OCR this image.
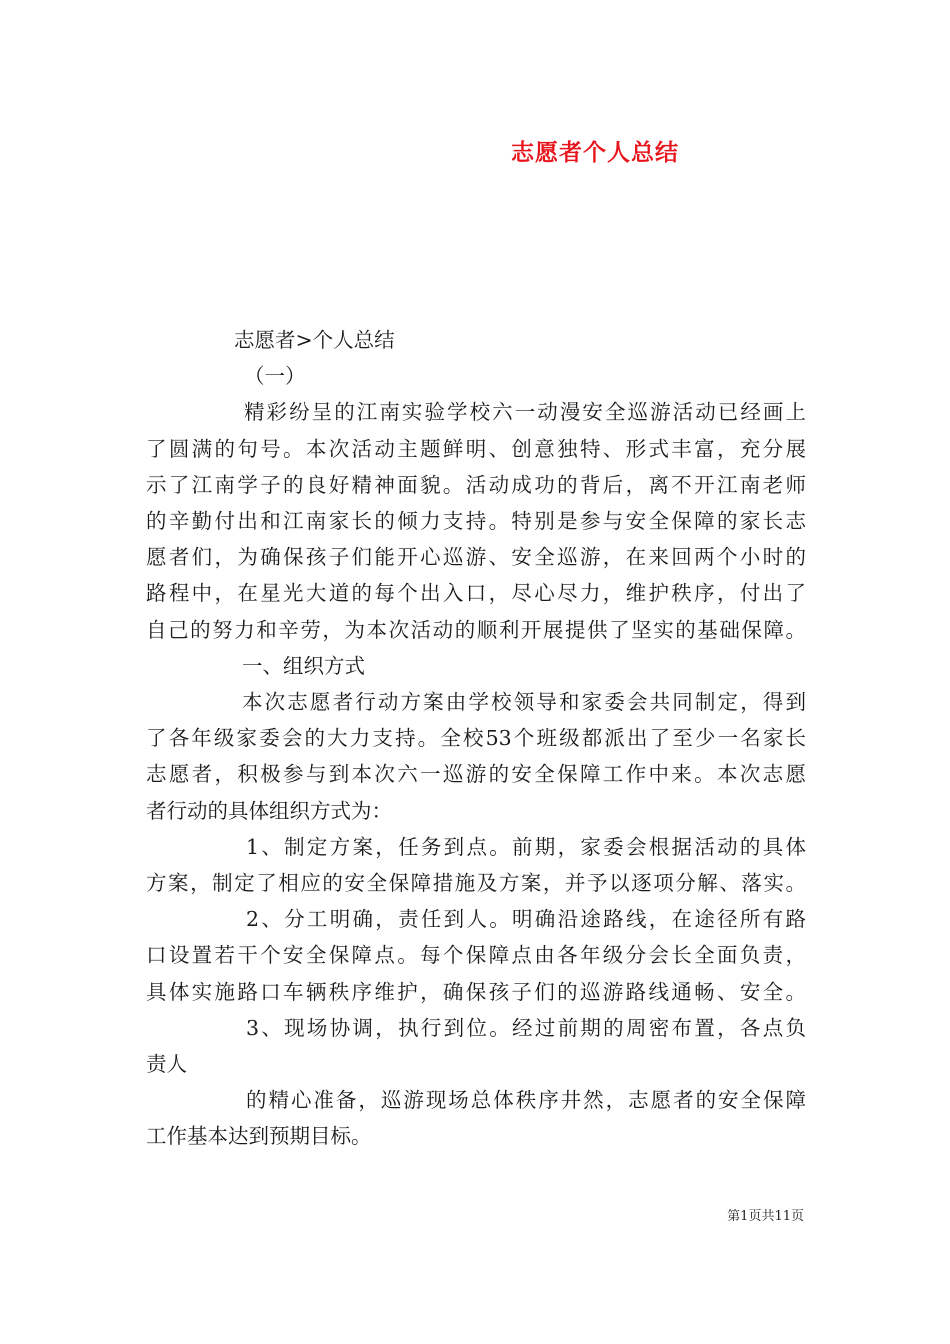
志愿者个人总结
志愿者>个人总结
（一）
精彩纷呈的江南实验学校六一动漫安全巡游活动已经画上
了圆满的句号。本次活动主题鲜明、创意独特、形式丰富，充分展
示了江南学子的良好精神面貌。活动成功的背后，离不开江南老师
的辛勤付出和江南家长的倾力支持。特别是参与安全保障的家长志
愿者们，为确保孩子们能开心巡游、安全巡游，在来回两个小时的
路程中，在星光大道的每个出入口，尽心尽力，维护秩序，付出了
自己的努力和辛劳，为本次活动的顺利开展提供了坚实的基础保障。
一、组织方式
本次志愿者行动方案由学校领导和家委会共同制定，得到
了各年级家委会的大力支持。全校53个班级都派出了至少一名家长
志愿者，积极参与到本次六一巡游的安全保障工作中来。本次志愿
者行动的具体组织方式为：
1、制定方案，任务到点。前期，家委会根据活动的具体
方案，制定了相应的安全保障措施及方案，并予以逐项分解、落实。
2、分工明确，责任到人。明确沿途路线，在途径所有路
口设置若干个安全保障点。每个保障点由各年级分会长全面负责，
具体实施路口车辆秩序维护，确保孩子们的巡游路线通畅、安全。
3、现场协调，执行到位。经过前期的周密布置，各点负
责人
的精心准备，巡游现场总体秩序井然，志愿者的安全保障
工作基本达到预期目标。
第1页共11页
